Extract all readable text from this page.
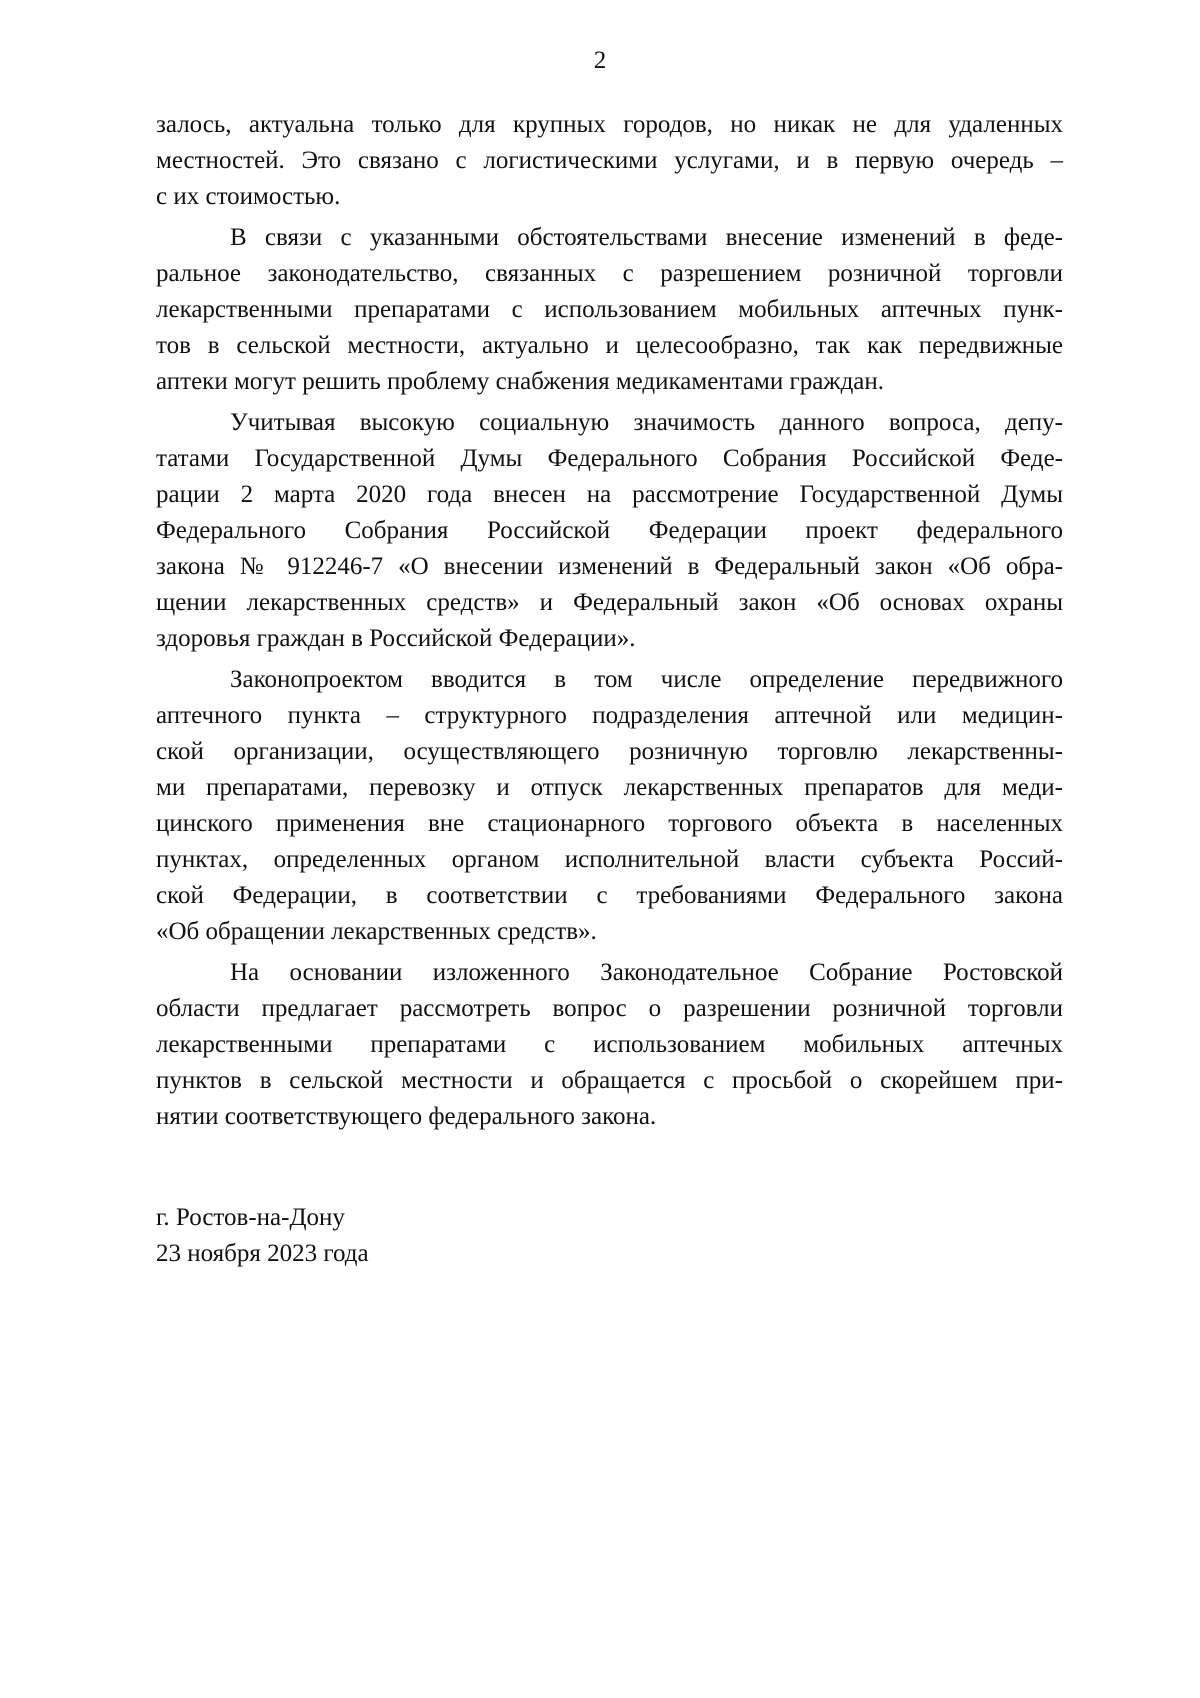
2
залось, актуальна только для крупных городов, но никак не для удаленных
местностей. Это связано с логистическими услугами, и в первую очередь –
с их стоимостью.
В связи с указанными обстоятельствами внесение изменений в феде-
ральное законодательство, связанных с разрешением розничной торговли
лекарственными препаратами с использованием мобильных аптечных пунк-
тов в сельской местности, актуально и целесообразно, так как передвижные
аптеки могут решить проблему снабжения медикаментами граждан.
Учитывая высокую социальную значимость данного вопроса, депу-
татами Государственной Думы Федерального Собрания Российской Феде-
рации 2 марта 2020 года внесен на рассмотрение Государственной Думы
Федерального Собрания Российской Федерации проект федерального
закона № 912246-7 «О внесении изменений в Федеральный закон «Об обра-
щении лекарственных средств» и Федеральный закон «Об основах охраны
здоровья граждан в Российской Федерации».
Законопроектом вводится в том числе определение передвижного
аптечного пункта – структурного подразделения аптечной или медицин-
ской организации, осуществляющего розничную торговлю лекарственны-
ми препаратами, перевозку и отпуск лекарственных препаратов для меди-
цинского применения вне стационарного торгового объекта в населенных
пунктах, определенных органом исполнительной власти субъекта Россий-
ской Федерации, в соответствии с требованиями Федерального закона
«Об обращении лекарственных средств».
На основании изложенного Законодательное Собрание Ростовской
области предлагает рассмотреть вопрос о разрешении розничной торговли
лекарственными препаратами с использованием мобильных аптечных
пунктов в сельской местности и обращается с просьбой о скорейшем при-
нятии соответствующего федерального закона.
г. Ростов-на-Дону
23 ноября 2023 года
